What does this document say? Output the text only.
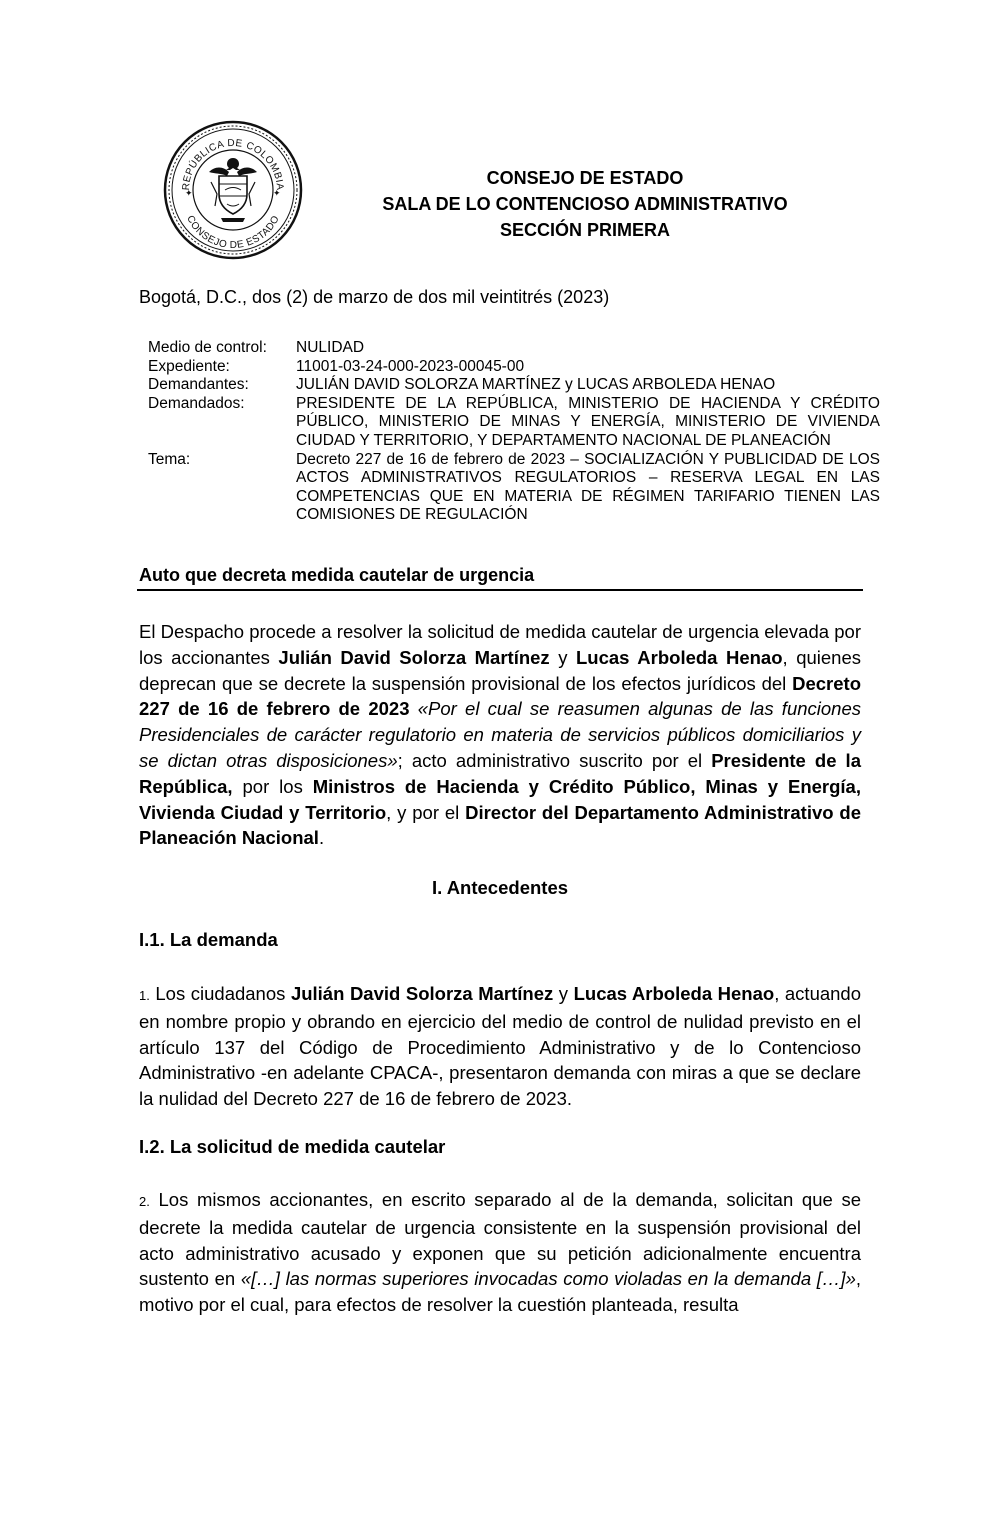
REPÚBLICA DE COLOMBIA
CONSEJO DE ESTADO
✦	✦
CONSEJO DE ESTADO
SALA DE LO CONTENCIOSO ADMINISTRATIVO
SECCIÓN PRIMERA
Bogotá, D.C., dos (2) de marzo de dos mil veintitrés (2023)
Medio de control:	NULIDAD
Expediente:	11001-03-24-000-2023-00045-00
Demandantes:	JULIÁN DAVID SOLORZA MARTÍNEZ y LUCAS ARBOLEDA HENAO
Demandados:	PRESIDENTE DE LA REPÚBLICA, MINISTERIO DE HACIENDA Y CRÉDITO PÚBLICO, MINISTERIO DE MINAS Y ENERGÍA, MINISTERIO DE VIVIENDA CIUDAD Y TERRITORIO, Y DEPARTAMENTO NACIONAL DE PLANEACIÓN
Tema:	Decreto 227 de 16 de febrero de 2023 – SOCIALIZACIÓN Y PUBLICIDAD DE LOS ACTOS ADMINISTRATIVOS REGULATORIOS – RESERVA LEGAL EN LAS COMPETENCIAS QUE EN MATERIA DE RÉGIMEN TARIFARIO TIENEN LAS COMISIONES DE REGULACIÓN
Auto que decreta medida cautelar de urgencia
El Despacho procede a resolver la solicitud de medida cautelar de urgencia elevada por los accionantes Julián David Solorza Martínez y Lucas Arboleda Henao, quienes deprecan que se decrete la suspensión provisional de los efectos jurídicos del Decreto 227 de 16 de febrero de 2023 «Por el cual se reasumen algunas de las funciones Presidenciales de carácter regulatorio en materia de servicios públicos domiciliarios y se dictan otras disposiciones»; acto administrativo suscrito por el Presidente de la República, por los Ministros de Hacienda y Crédito Público, Minas y Energía, Vivienda Ciudad y Territorio, y por el Director del Departamento Administrativo de Planeación Nacional.
I. Antecedentes
I.1. La demanda
1. Los ciudadanos Julián David Solorza Martínez y Lucas Arboleda Henao, actuando en nombre propio y obrando en ejercicio del medio de control de nulidad previsto en el artículo 137 del Código de Procedimiento Administrativo y de lo Contencioso Administrativo -en adelante CPACA-, presentaron demanda con miras a que se declare la nulidad del Decreto 227 de 16 de febrero de 2023.
I.2. La solicitud de medida cautelar
2. Los mismos accionantes, en escrito separado al de la demanda, solicitan que se decrete la medida cautelar de urgencia consistente en la suspensión provisional del acto administrativo acusado y exponen que su petición adicionalmente encuentra sustento en «[…] las normas superiores invocadas como violadas en la demanda […]», motivo por el cual, para efectos de resolver la cuestión planteada, resulta
